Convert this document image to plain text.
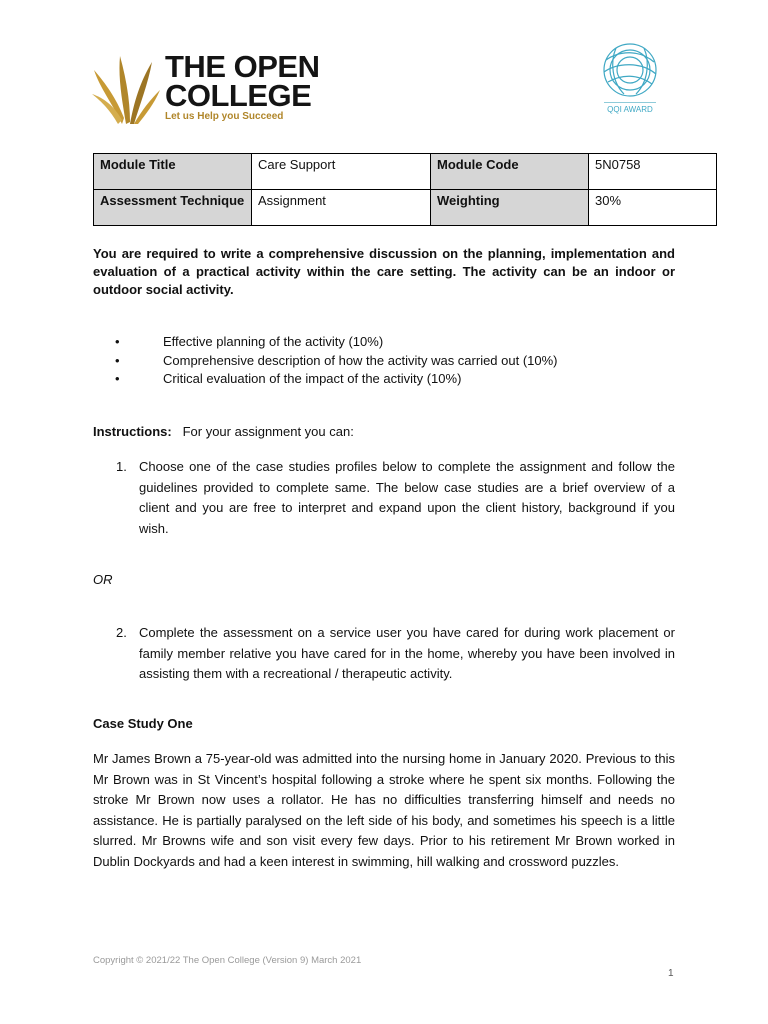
THE OPEN
COLLEGE
Let us Help you Succeed
QQI AWARD
Module Title	Care Support	Module Code	5N0758
Assessment Technique	Assignment	Weighting	30%
You are required to write a comprehensive discussion on the planning, implementation and evaluation of a practical activity within the care setting. The activity can be an indoor or outdoor social activity.
•	Effective planning of the activity (10%)
•	Comprehensive description of how the activity was carried out (10%)
•	Critical evaluation of the impact of the activity (10%)
Instructions: For your assignment you can:
1. Choose one of the case studies profiles below to complete the assignment and follow the guidelines provided to complete same. The below case studies are a brief overview of a client and you are free to interpret and expand upon the client history, background if you wish.
OR
2. Complete the assessment on a service user you have cared for during work placement or family member relative you have cared for in the home, whereby you have been involved in assisting them with a recreational / therapeutic activity.
Case Study One
Mr James Brown a 75-year-old was admitted into the nursing home in January 2020. Previous to this Mr Brown was in St Vincent’s hospital following a stroke where he spent six months. Following the stroke Mr Brown now uses a rollator. He has no difficulties transferring himself and needs no assistance. He is partially paralysed on the left side of his body, and sometimes his speech is a little slurred. Mr Browns wife and son visit every few days. Prior to his retirement Mr Brown worked in Dublin Dockyards and had a keen interest in swimming, hill walking and crossword puzzles.
Copyright © 2021/22 The Open College (Version 9) March 2021
1
